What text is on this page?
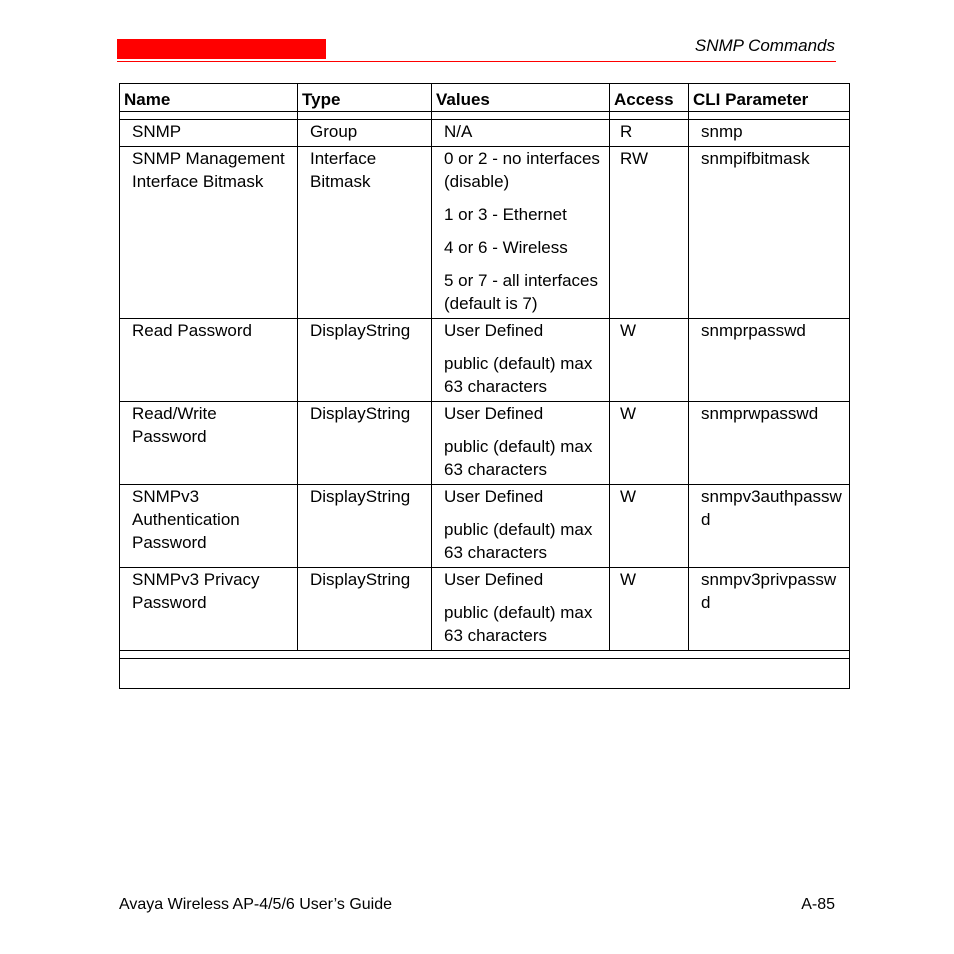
SNMP Commands
Name	Type	Values	Access	CLI Parameter

SNMP	Group	N/A	R	snmp

SNMP Management Interface Bitmask	Interface Bitmask	0 or 2 - no interfaces (disable)
1 or 3 - Ethernet
4 or 6 - Wireless
5 or 7 - all interfaces (default is 7)	RW	snmpifbitmask

Read Password	DisplayString	User Defined
public (default) max 63 characters	W	snmprpasswd

Read/Write Password	DisplayString	User Defined
public (default) max 63 characters	W	snmprwpasswd

SNMPv3 Authentication Password	DisplayString	User Defined
public (default) max 63 characters	W	snmpv3authpasswd

SNMPv3 Privacy Password	DisplayString	User Defined
public (default) max 63 characters	W	snmpv3privpasswd

Avaya Wireless AP-4/5/6 User’s Guide	A-85
